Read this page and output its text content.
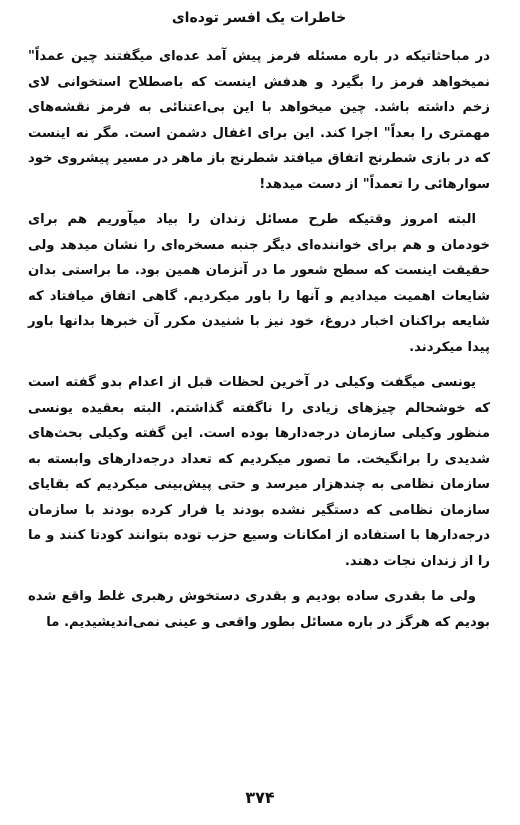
خاطرات یک افسر توده‌ای

در مباحثاتیکه در باره مسئله فرمز پیش آمد عده‌ای میگفتند چین عمداً" نمیخواهد فرمز را بگیرد و هدفش اینست که باصطلاح استخوانی لای زخم داشته باشد. چین میخواهد با این بی‌اعتنائی به فرمز نقشه‌های مهمتری را بعداً" اجرا کند. این برای اغفال دشمن است. مگر نه اینست که در بازی شطرنج اتفاق میافتد شطرنج باز ماهر در مسیر پیشروی خود سوارهائی را تعمداً" از دست میدهد!

البته امروز وقتیکه طرح مسائل زندان را بیاد میآوریم هم برای خودمان و هم برای خواننده‌ای دیگر جنبه مسخره‌ای را نشان میدهد ولی حقیقت اینست که سطح شعور ما در آنزمان همین بود. ما براستی بدان شایعات اهمیت میدادیم و آنها را باور میکردیم. گاهی اتفاق میافتاد که شایعه براکنان اخبار دروغ، خود نیز با شنیدن مکرر آن خبرها بدانها باور پیدا میکردند.

یونسی میگفت وکیلی در آخرین لحظات قبل از اعدام بدو گفته است که خوشحالم چیزهای زیادی را ناگفته گذاشتم. البته بعقیده یونسی منظور وکیلی سازمان درجه‌دارها بوده است. این گفته وکیلی بحث‌های شدیدی را برانگیخت. ما تصور میکردیم که تعداد درجه‌دارهای وابسته به سازمان نظامی به چندهزار میرسد و حتی پیش‌بینی میکردیم که بقایای سازمان نظامی که دستگیر نشده بودند یا فرار کرده بودند با سازمان درجه‌دارها با استفاده از امکانات وسیع حزب توده بتوانند کودتا کنند و ما را از زندان نجات دهند.

ولی ما بقدری ساده بودیم و بقدری دستخوش رهبری غلط واقع شده بودیم که هرگز در باره مسائل بطور واقعی و عینی نمی‌اندیشیدیم. ما

۳۷۴
